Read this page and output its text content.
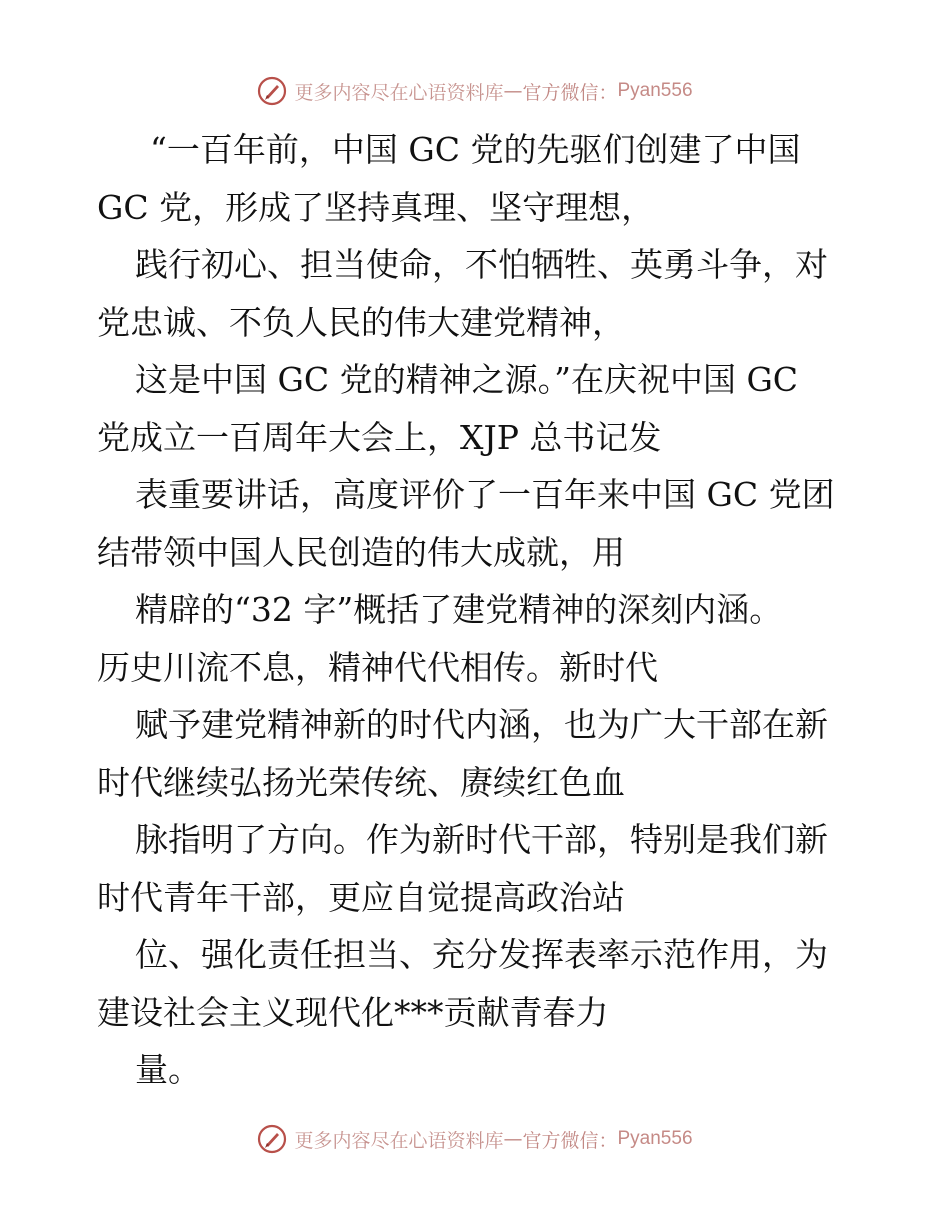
更多内容尽在心语资料库 — 官方微信： Pyan556
“一百年前，中国 GC 党的先驱们创建了中国
GC 党，形成了坚持真理、坚守理想，
践行初心、担当使命，不怕牺牲、英勇斗争，对
党忠诚、不负人民的伟大建党精神，
这是中国 GC 党的精神之源。”在庆祝中国 GC
党成立一百周年大会上，XJP 总书记发
表重要讲话，高度评价了一百年来中国 GC 党团
结带领中国人民创造的伟大成就，用
精辟的“32 字”概括了建党精神的深刻内涵。
历史川流不息，精神代代相传。新时代
赋予建党精神新的时代内涵，也为广大干部在新
时代继续弘扬光荣传统、赓续红色血
脉指明了方向。作为新时代干部，特别是我们新
时代青年干部，更应自觉提高政治站
位、强化责任担当、充分发挥表率示范作用，为
建设社会主义现代化***贡献青春力
量。
更多内容尽在心语资料库 — 官方微信： Pyan556
